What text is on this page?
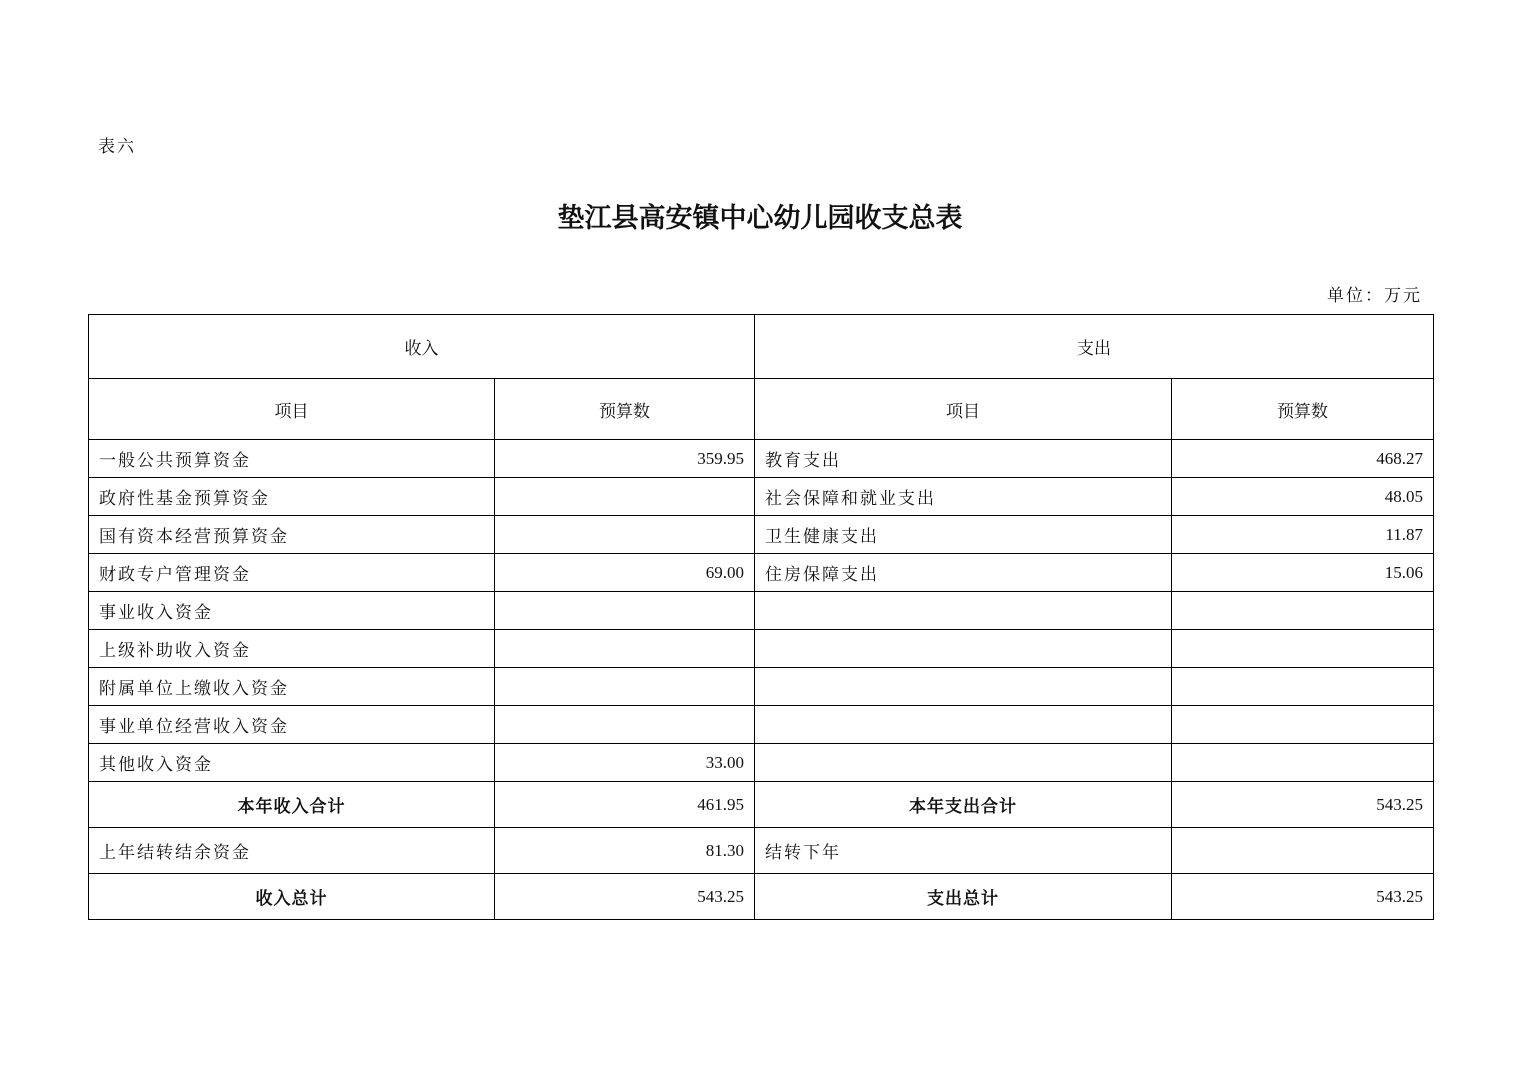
表六
垫江县高安镇中心幼儿园收支总表
单位：万元
收入		支出	
项目	预算数	项目	预算数
一般公共预算资金	359.95	教育支出	468.27
政府性基金预算资金		社会保障和就业支出	48.05
国有资本经营预算资金		卫生健康支出	11.87
财政专户管理资金	69.00	住房保障支出	15.06
事业收入资金			
上级补助收入资金			
附属单位上缴收入资金			
事业单位经营收入资金			
其他收入资金	33.00		
本年收入合计	461.95	本年支出合计	543.25
上年结转结余资金	81.30	结转下年	
收入总计	543.25	支出总计	543.25
